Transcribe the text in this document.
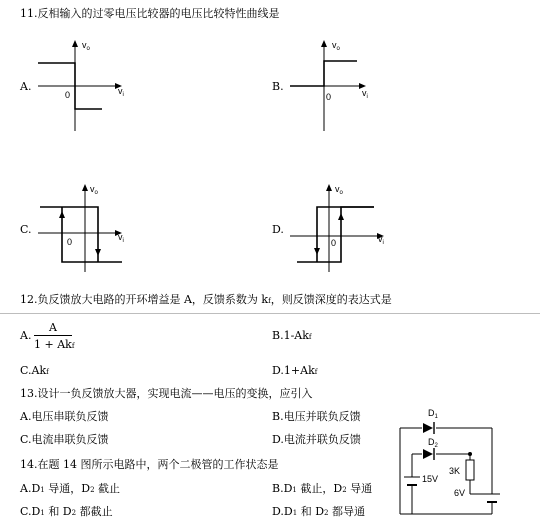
11.反相输入的过零电压比较器的电压比较特性曲线是
A.
$v_o$
$v_i$
0
B.
$v_o$
$v_i$
0
C.
$v_o$
$v_i$
0
D.
$v_o$
$v_i$
0
12.负反馈放大电路的开环增益是 A，反馈系数为 kf，则反馈深度的表达式是
A.
A
1 + Akf
B.1-Akf
C.Akf	D.1+Akf
13.设计一负反馈放大器，实现电流——电压的变换，应引入
A.电压串联负反馈	B.电压并联负反馈
C.电流串联负反馈	D.电流并联负反馈
14.在题 14 图所示电路中，两个二极管的工作状态是
A.D1 导通，D2 截止	B.D1 截止，D2 导通
C.D1 和 D2 都截止	D.D1 和 D2 都导通
$D_1$
$D_2$
3K
15V
6V
